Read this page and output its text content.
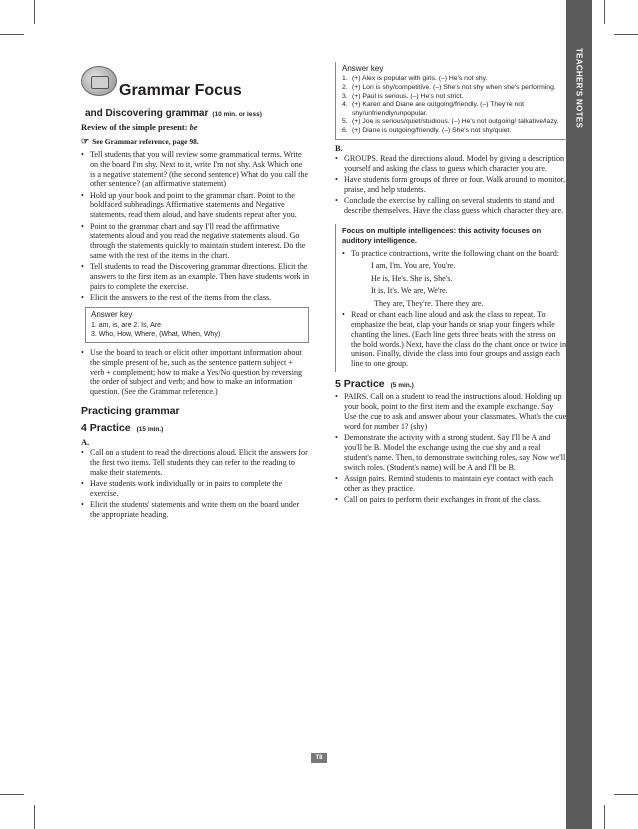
TEACHER'S NOTES
Grammar Focus
and Discovering grammar (10 min. or less)
Review of the simple present: be
☞ See Grammar reference, page 98.
• Tell students that you will review some grammatical terms. Write on the board I'm shy. Next to it, write I'm not shy. Ask Which one is a negative statement? (the second sentence) What do you call the other sentence? (an affirmative statement)
• Hold up your book and point to the grammar chart. Point to the boldfaced subheadings Affirmative statements and Negative statements, read them aloud, and have students repeat after you.
• Point to the grammar chart and say I'll read the affirmative statements aloud and you read the negative statements aloud. Go through the statements quickly to maintain student interest. Do the same with the rest of the items in the chart.
• Tell students to read the Discovering grammar directions. Elicit the answers to the first item as an example. Then have students work in pairs to complete the exercise.
• Elicit the answers to the rest of the items from the class.
Answer key
1. am, is, are 2. Is, Are
3. Who, How, Where, (What, When, Why)
• Use the board to teach or elicit other important information about the simple present of be, such as the sentence pattern subject + verb + complement; how to make a Yes/No question by reversing the order of subject and verb; and how to make an information question. (See the Grammar reference.)
Practicing grammar
4 Practice (15 min.)
A.
• Call on a student to read the directions aloud. Elicit the answers for the first two items. Tell students they can refer to the reading to make their statements.
• Have students work individually or in pairs to complete the exercise.
• Elicit the students' statements and write them on the board under the appropriate heading.
Answer key
1. (+) Alex is popular with girls. (–) He's not shy.
2. (+) Lori is shy/competitive. (–) She's not shy when she's performing.
3. (+) Paul is serious. (–) He's not strict.
4. (+) Karen and Diane are outgoing/friendly. (–) They're not shy/unfriendly/unpopular.
5. (+) Joe is serious/quiet/studious. (–) He's not outgoing/ talkative/lazy.
6. (+) Diane is outgoing/friendly. (–) She's not shy/quiet.
B.
• GROUPS. Read the directions aloud. Model by giving a description yourself and asking the class to guess which character you are.
• Have students form groups of three or four. Walk around to monitor, praise, and help students.
• Conclude the exercise by calling on several students to stand and describe themselves. Have the class guess which character they are.
Focus on multiple intelligences: this activity focuses on auditory intelligence.
• To practice contractions, write the following chant on the board:
I am, I'm. You are, You're.
He is, He's. She is, She's.
It is, It's. We are, We're.
They are, They're. There they are.
• Read or chant each line aloud and ask the class to repeat. To emphasize the beat, clap your hands or snap your fingers while chanting the lines. (Each line gets three beats with the stress on the bold words.) Next, have the class do the chant once or twice in unison. Finally, divide the class into four groups and assign each line to one group.
5 Practice (5 min.)
• PAIRS. Call on a student to read the instructions aloud. Holding up your book, point to the first item and the example exchange. Say Use the cue to ask and answer about your classmates. What's the cue word for number 1? (shy)
• Demonstrate the activity with a strong student. Say I'll be A and you'll be B. Model the exchange using the cue shy and a real student's name. Then, to demonstrate switching roles, say Now we'll switch roles. (Student's name) will be A and I'll be B.
• Assign pairs. Remind students to maintain eye contact with each other as they practice.
• Call on pairs to perform their exchanges in front of the class.
T8
